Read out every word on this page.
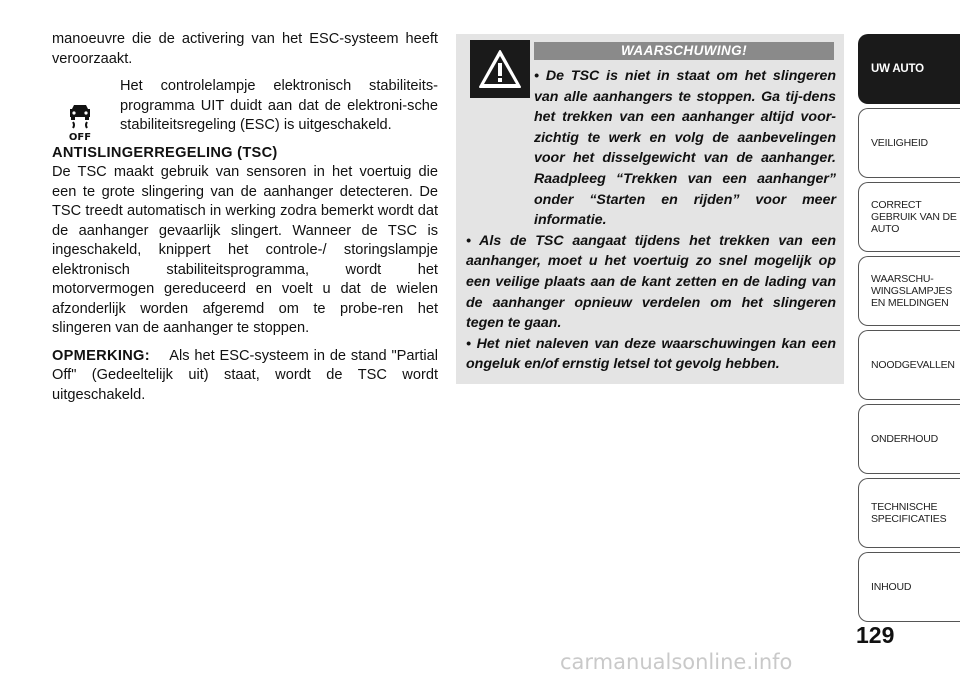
manoeuvre die de activering van het ESC-systeem heeft veroorzaakt.

OFF

Het controlelampje elektronisch stabiliteits-programma UIT duidt aan dat de elektroni-sche stabiliteitsregeling (ESC) is uitgeschakeld.

ANTISLINGERREGELING (TSC)

De TSC maakt gebruik van sensoren in het voertuig die een te grote slingering van de aanhanger detecteren. De TSC treedt automatisch in werking zodra bemerkt wordt dat de aanhanger gevaarlijk slingert. Wanneer de TSC is ingeschakeld, knippert het controle-/ storingslampje elektronisch stabiliteitsprogramma, wordt het motorvermogen gereduceerd en voelt u dat de wielen afzonderlijk worden afgeremd om te probe-ren het slingeren van de aanhanger te stoppen.

OPMERKING: Als het ESC-systeem in de stand "Partial Off" (Gedeeltelijk uit) staat, wordt de TSC wordt uitgeschakeld.

WAARSCHUWING!

• De TSC is niet in staat om het slingeren van alle aanhangers te stoppen. Ga tij-dens het trekken van een aanhanger altijd voor-zichtig te werk en volg de aanbevelingen voor het disselgewicht van de aanhanger. Raadpleeg “Trekken van een aanhanger” onder “Starten en rijden” voor meer informatie.

• Als de TSC aangaat tijdens het trekken van een aanhanger, moet u het voertuig zo snel mogelijk op een veilige plaats aan de kant zetten en de lading van de aanhanger opnieuw verdelen om het slingeren tegen te gaan.

• Het niet naleven van deze waarschuwingen kan een ongeluk en/of ernstig letsel tot gevolg hebben.

UW AUTO
VEILIGHEID
CORRECT GEBRUIK VAN DE AUTO
WAARSCHU- WINGSLAMPJES EN MELDINGEN
NOODGEVALLEN
ONDERHOUD
TECHNISCHE SPECIFICATIES
INHOUD
129
carmanualsonline.info
